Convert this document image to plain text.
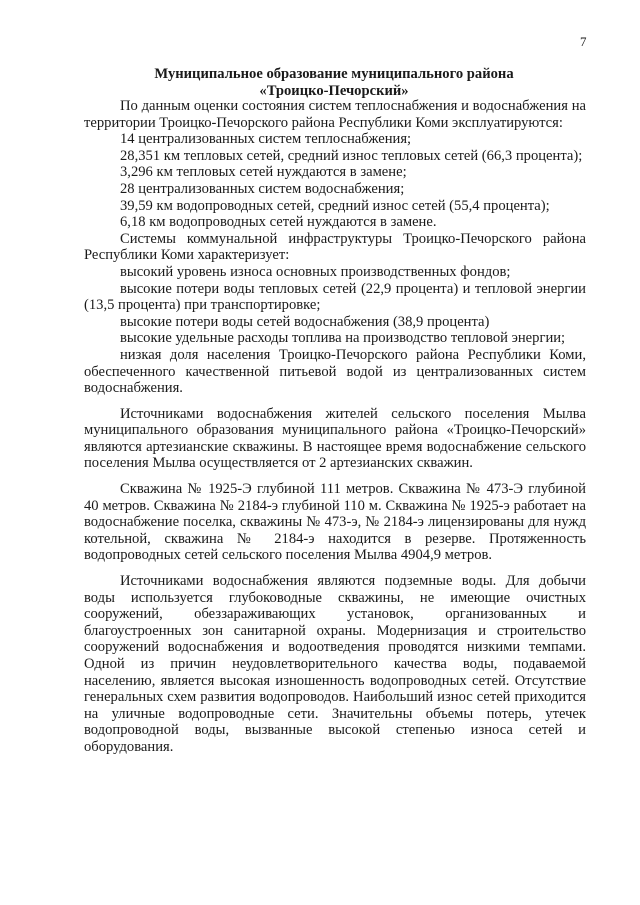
7
Муниципальное образование муниципального района
«Троицко-Печорский»

По данным оценки состояния систем теплоснабжения и водоснабжения на территории Троицко-Печорского района Республики Коми эксплуатируются:

14 централизованных систем теплоснабжения;

28,351 км тепловых сетей, средний износ тепловых сетей (66,3 процента);

3,296 км тепловых сетей нуждаются в замене;

28 централизованных систем водоснабжения;

39,59 км водопроводных сетей, средний износ сетей (55,4 процента);

6,18 км водопроводных сетей нуждаются в замене.

Системы коммунальной инфраструктуры Троицко-Печорского района Республики Коми характеризует:

высокий уровень износа основных производственных фондов;

высокие потери воды тепловых сетей (22,9 процента) и тепловой энергии (13,5 процента) при транспортировке;

высокие потери воды сетей водоснабжения (38,9 процента)

высокие удельные расходы топлива на производство тепловой энергии;

низкая доля населения Троицко-Печорского района Республики Коми, обеспеченного качественной питьевой водой из централизованных систем водоснабжения.

Источниками водоснабжения жителей сельского поселения Мылва муниципального образования муниципального района «Троицко-Печорский» являются артезианские скважины. В настоящее время водоснабжение сельского поселения Мылва осуществляется от 2 артезианских скважин.

Скважина № 1925-Э глубиной 111 метров. Скважина № 473-Э глубиной 40 метров. Скважина № 2184-э глубиной 110 м. Скважина № 1925-э работает на водоснабжение поселка, скважины № 473-э, № 2184-э лицензированы для нужд котельной, скважина № 2184-э находится в резерве. Протяженность водопроводных сетей сельского поселения Мылва 4904,9 метров.

Источниками водоснабжения являются подземные воды. Для добычи воды используется глубоководные скважины, не имеющие очистных сооружений, обеззараживающих установок, организованных и благоустроенных зон санитарной охраны. Модернизация и строительство сооружений водоснабжения и водоотведения проводятся низкими темпами. Одной из причин неудовлетворительного качества воды, подаваемой населению, является высокая изношенность водопроводных сетей. Отсутствие генеральных схем развития водопроводов. Наибольший износ сетей приходится на уличные водопроводные сети. Значительны объемы потерь, утечек водопроводной воды, вызванные высокой степенью износа сетей и оборудования.
